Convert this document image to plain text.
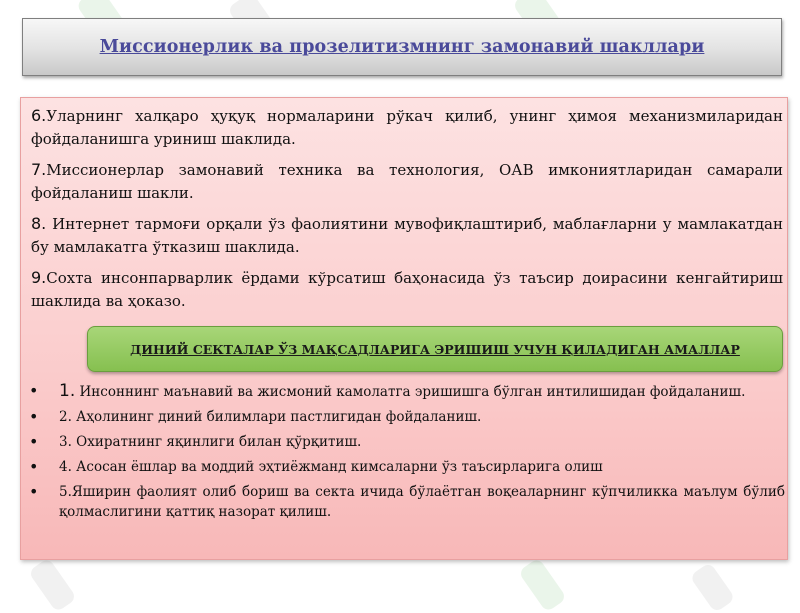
Миссионерлик ва прозелитизмнинг замонавий шакллари
6.Уларнинг халқаро ҳуқуқ нормаларини рўкач қилиб, унинг ҳимоя механизмиларидан фойдаланишга уриниш шаклида.
7.Миссионерлар замонавий техника ва технология, ОАВ имкониятларидан самарали фойдаланиш шакли.
8. Интернет тармоғи орқали ўз фаолиятини мувофиқлаштириб, маблағларни у мамлакатдан бу мамлакатга ўтказиш шаклида.
9.Сохта инсонпарварлик ёрдами кўрсатиш баҳонасида ўз таъсир доирасини кенгайтириш шаклида ва ҳоказо.
ДИНИЙ СЕКТАЛАР ЎЗ МАҚСАДЛАРИГА ЭРИШИШ УЧУН ҚИЛАДИГАН АМАЛЛАР
• 1. Инсоннинг маънавий ва жисмоний камолатга эришишга бўлган интилишидан фойдаланиш.
• 2. Аҳолининг диний билимлари пастлигидан фойдаланиш.
• 3. Охиратнинг яқинлиги билан қўрқитиш.
• 4. Асосан ёшлар ва моддий эҳтиёжманд кимсаларни ўз таъсирларига олиш
• 5.Яширин фаолият олиб бориш ва секта ичида бўлаётган воқеаларнинг кўпчиликка маълум бўлиб қолмаслигини қаттиқ назорат қилиш.
